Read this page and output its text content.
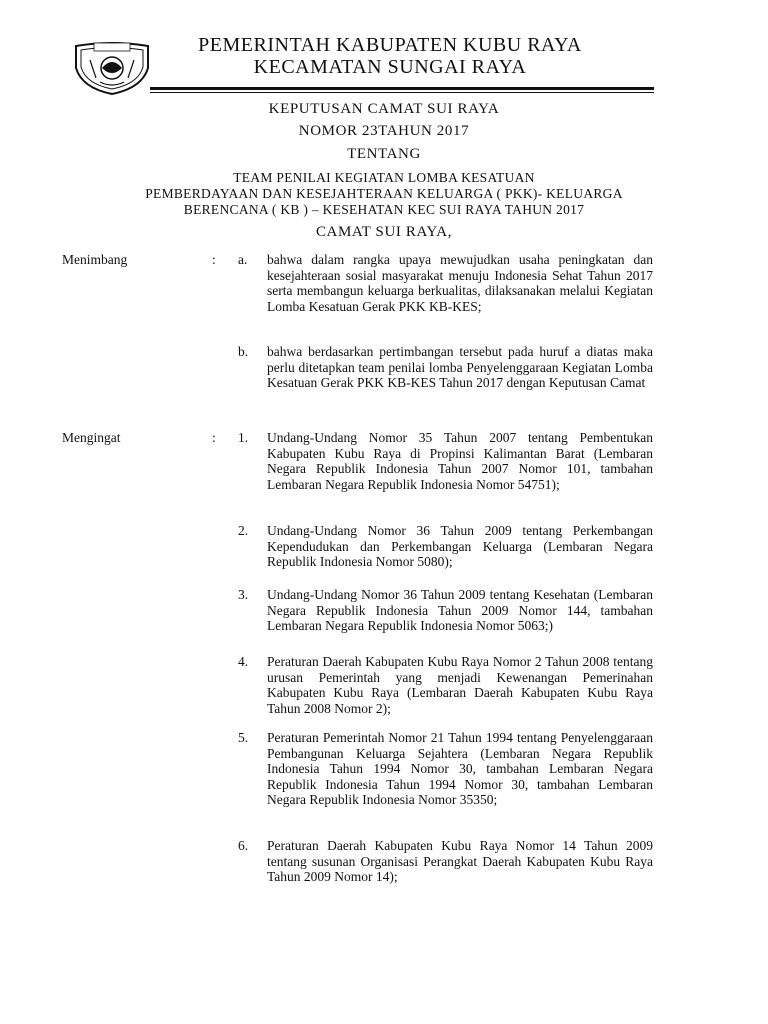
PEMERINTAH KABUPATEN KUBU RAYA
KECAMATAN SUNGAI RAYA
KEPUTUSAN CAMAT SUI RAYA
NOMOR 23TAHUN 2017
TENTANG
TEAM PENILAI KEGIATAN LOMBA KESATUAN
PEMBERDAYAAN DAN KESEJAHTERAAN KELUARGA ( PKK)- KELUARGA
BERENCANA ( KB ) – KESEHATAN KEC SUI RAYA TAHUN 2017
CAMAT SUI RAYA,
Menimbang	: a. bahwa dalam rangka upaya mewujudkan usaha peningkatan dan kesejahteraan sosial masyarakat menuju Indonesia Sehat Tahun 2017 serta membangun keluarga berkualitas, dilaksanakan melalui Kegiatan Lomba Kesatuan Gerak PKK KB-KES;
b. bahwa berdasarkan pertimbangan tersebut pada huruf a diatas maka perlu ditetapkan team penilai lomba Penyelenggaraan Kegiatan Lomba Kesatuan Gerak PKK KB-KES Tahun 2017 dengan Keputusan Camat
Mengingat	: 1. Undang-Undang Nomor 35 Tahun 2007 tentang Pembentukan Kabupaten Kubu Raya di Propinsi Kalimantan Barat (Lembaran Negara Republik Indonesia Tahun 2007 Nomor 101, tambahan Lembaran Negara Republik Indonesia Nomor 54751);
2. Undang-Undang Nomor 36 Tahun 2009 tentang Perkembangan Kependudukan dan Perkembangan Keluarga (Lembaran Negara Republik Indonesia Nomor 5080);
3. Undang-Undang Nomor 36 Tahun 2009 tentang Kesehatan (Lembaran Negara Republik Indonesia Tahun 2009 Nomor 144, tambahan Lembaran Negara Republik Indonesia Nomor 5063;)
4. Peraturan Daerah Kabupaten Kubu Raya Nomor 2 Tahun 2008 tentang urusan Pemerintah yang menjadi Kewenangan Pemerinahan Kabupaten Kubu Raya (Lembaran Daerah Kabupaten Kubu Raya Tahun 2008 Nomor 2);
5. Peraturan Pemerintah Nomor 21 Tahun 1994 tentang Penyelenggaraan Pembangunan Keluarga Sejahtera (Lembaran Negara Republik Indonesia Tahun 1994 Nomor 30, tambahan Lembaran Negara Republik Indonesia Tahun 1994 Nomor 30, tambahan Lembaran Negara Republik Indonesia Nomor 35350;
6. Peraturan Daerah Kabupaten Kubu Raya Nomor 14 Tahun 2009 tentang susunan Organisasi Perangkat Daerah Kabupaten Kubu Raya Tahun 2009 Nomor 14);
